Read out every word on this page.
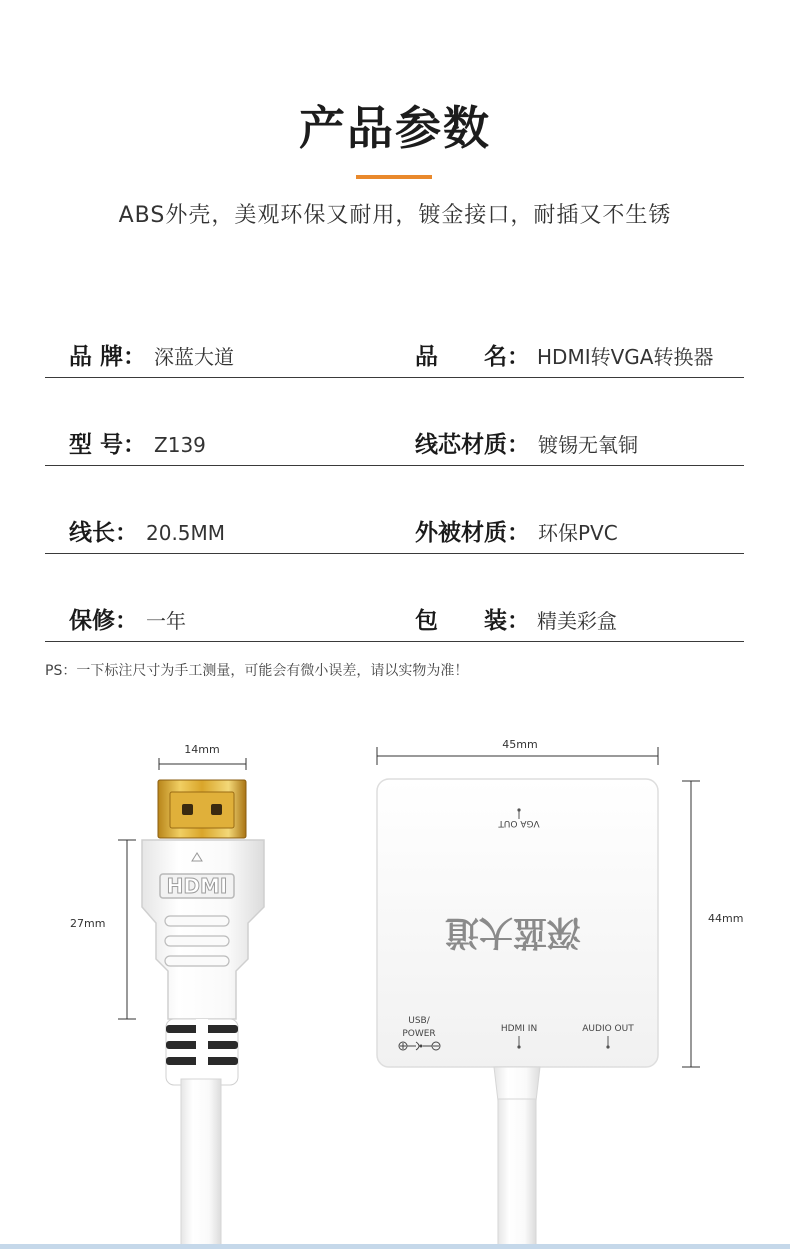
产品参数
ABS外壳，美观环保又耐用，镀金接口，耐插又不生锈
品 牌： 深蓝大道	品　　名： HDMI转VGA转换器
型 号： Z139	线芯材质： 镀锡无氧铜
线长： 20.5MM	外被材质： 环保PVC
保修： 一年	包　　装： 精美彩盒
PS：一下标注尺寸为手工测量，可能会有微小误差，请以实物为准！
14mm
27mm
HDMI
45mm
44mm
VGA OUT
深蓝大道
USB/
POWER	HDMI IN	AUDIO OUT
